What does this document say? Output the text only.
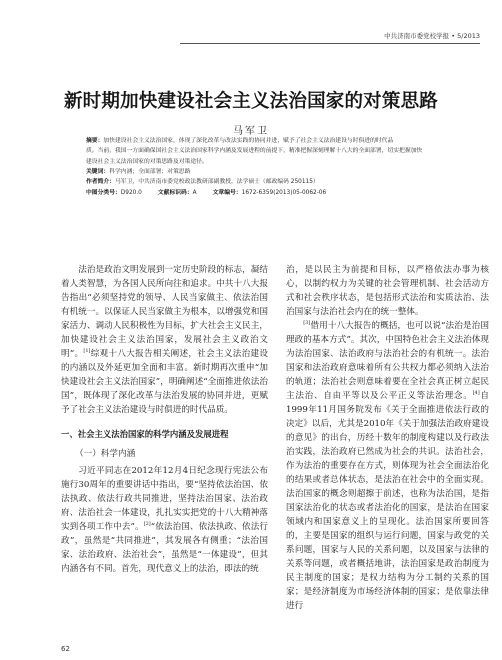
中共济南市委党校学报 • 5/2013
新时期加快建设社会主义法治国家的对策思路
马军卫
摘要：加快建设社会主义法治国家，体现了深化改革与改法实践的协同并进，赋予了社会主义法治建设与时俱进的时代品
质。当前，我国一方面确保国社会主义法治国家科学内涵及发展进程的前提下，精准把握深刻理解十八大的全面部署，切实把握加快
建设社会主义法治国家的对策思路及对策途径。
关键词：科学内涵；全面部署；对策思路
作者简介：马军卫，中共济南市委党校政法教研部副教授，法学硕士（邮政编码 250115）
中图分类号：D920.0	文献标识码：A	文章编号：1672-6359(2013)05-0062-06

法治是政治文明发展到一定历史阶段的标志，凝结着人类智慧，为各国人民所向往和追求。中共十八大报告指出“必须坚持党的领导、人民当家做主、依法治国有机统一。以保证人民当家做主为根本，以增强党和国家活力、调动人民积极性为目标，扩大社会主义民主，加快建设社会主义法治国家，发展社会主义政治文明”。[1]综观十八大报告相关阐述，社会主义法治建设的内涵以及外延更加全面和丰富。新时期再次重申“加快建设社会主义法治国家”，明确阐述“全面推进依法治国”，既体现了深化改革与法治发展的协同并进，更赋予了社会主义法治建设与时俱进的时代品质。

一、社会主义法治国家的科学内涵及发展进程
（一）科学内涵

习近平同志在2012年12月4日纪念现行宪法公布施行30周年的重要讲话中指出，要“坚持依法治国、依法执政、依法行政共同推进，坚持法治国家、法治政府、法治社会一体建设，扎扎实实把党的十八大精神落实到各项工作中去”。[2]“依法治国、依法执政、依法行政”，虽然是“共同推进”，其发展各有侧重；“法治国家、法治政府、法治社会”，虽然是“一体建设”，但其内涵各有不同。首先，现代意义上的法治，即法的统

治，是以民主为前提和目标，以严格依法办事为核心，以制约权力为关键的社会管理机制、社会活动方式和社会秩序状态，是包括形式法治和实质法治、法治国家与法治社会内在的统一整体。

[3]借用十八大报告的概括，也可以说“法治是治国理政的基本方式”。其次，中国特色社会主义法治体现为法治国家、法治政府与法治社会的有机统一。法治国家和法治政府意味着所有公共权力都必须纳入法治的轨道；法治社会则意味着要在全社会真正树立起民主法治、自由平等以及公平正义等法治理念。[4]自1999年11月国务院发布《关于全面推进依法行政的决定》以后，尤其是2010年《关于加强法治政府建设的意见》的出台，历经十数年的制度构建以及行政法治实践，法治政府已然成为社会的共识。法治社会，作为法治的重要存在方式，则体现为社会全面法治化的结果或者总体状态，是法治在社会中的全面实现。法治国家的概念则超擦于前述，也称为法治国，是指国家法治化的状态或者法治化的国家，是法治在国家领域内和国家意义上的呈现化。法治国家所要回答的，主要是国家的组织与运行问题，国家与政党的关系问题，国家与人民的关系问题，以及国家与法律的关系等问题，或者概括地讲，法治国家是政治制度为民主制度的国家；是权力结构为分工制约关系的国家；是经济制度为市场经济体制的国家；是依靠法律进行

62
